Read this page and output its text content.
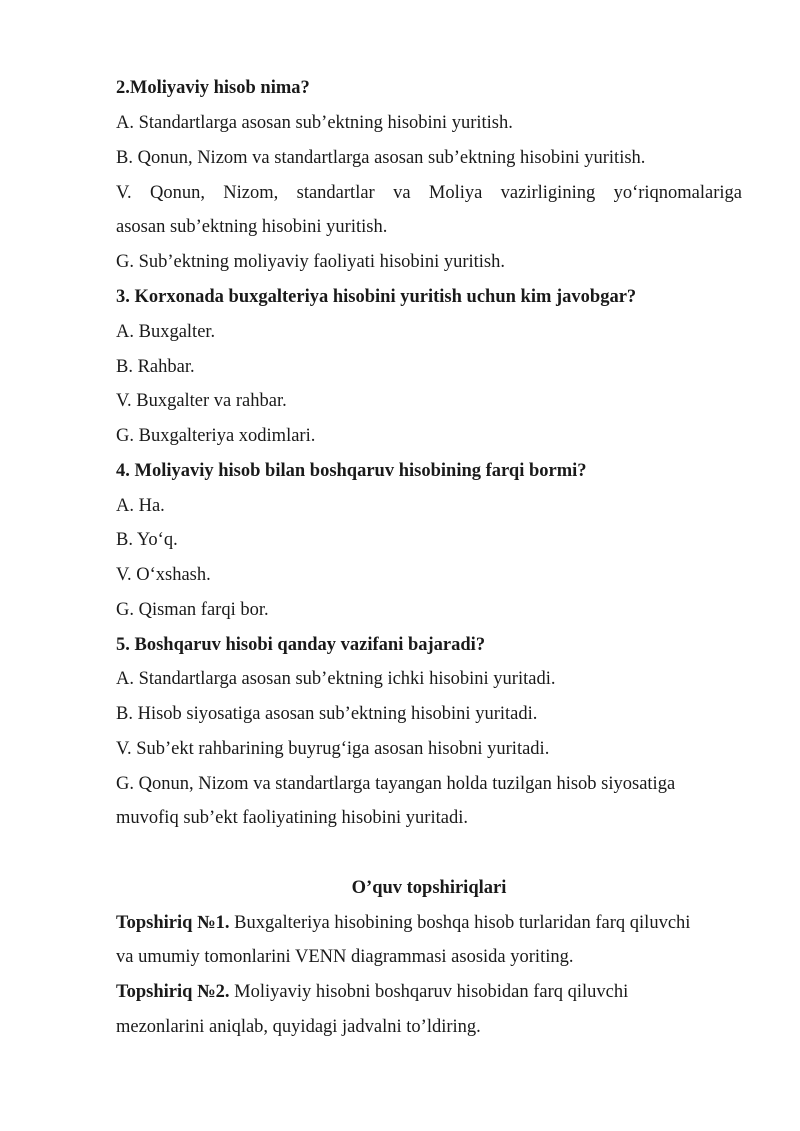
2.Moliyaviy hisob nima?
A. Standartlarga asosan sub’ektning hisobini yuritish.
B. Qonun, Nizom va standartlarga asosan sub’ektning hisobini yuritish.
V. Qonun, Nizom, standartlar va Moliya vazirligining yo‘riqnomalariga
asosan sub’ektning hisobini yuritish.
G. Sub’ektning moliyaviy faoliyati hisobini yuritish.
3. Korxonada buxgalteriya hisobini yuritish uchun kim javobgar?
A. Buxgalter.
B. Rahbar.
V. Buxgalter va rahbar.
G. Buxgalteriya xodimlari.
4. Moliyaviy hisob bilan boshqaruv hisobining farqi bormi?
A. Ha.
B. Yo‘q.
V. O‘xshash.
G. Qisman farqi bor.
5. Boshqaruv hisobi qanday vazifani bajaradi?
A. Standartlarga asosan sub’ektning ichki hisobini yuritadi.
B. Hisob siyosatiga asosan sub’ektning hisobini yuritadi.
V. Sub’ekt rahbarining buyrug‘iga asosan hisobni yuritadi.
G. Qonun, Nizom va standartlarga tayangan holda tuzilgan hisob siyosatiga
muvofiq sub’ekt faoliyatining hisobini yuritadi.
O’quv topshiriqlari
Topshiriq №1. Buxgalteriya hisobining boshqa hisob turlaridan farq qiluvchi
va umumiy tomonlarini VENN diagrammasi asosida yoriting.
Topshiriq №2. Moliyaviy hisobni boshqaruv hisobidan farq qiluvchi
mezonlarini aniqlab, quyidagi jadvalni to’ldiring.
